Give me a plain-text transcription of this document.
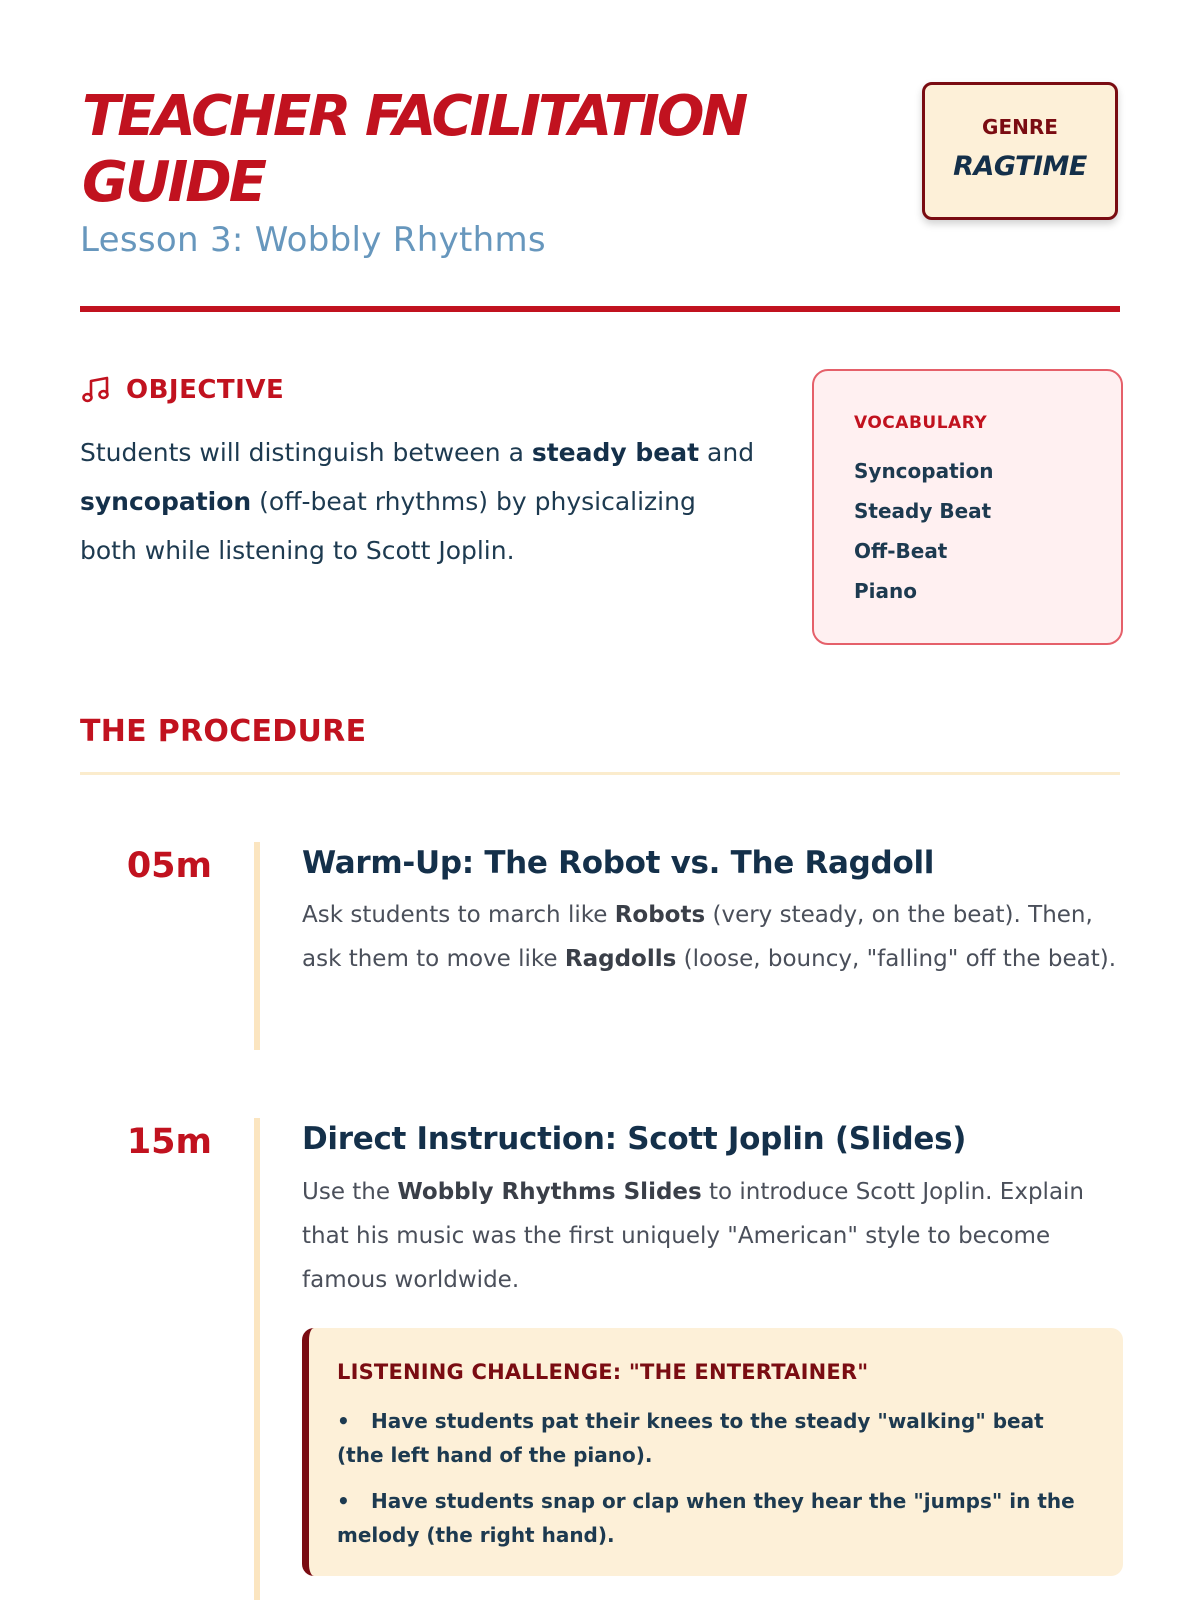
TEACHER FACILITATION GUIDE
Lesson 3: Wobbly Rhythms
GENRE
RAGTIME
OBJECTIVE

Students will distinguish between a steady beat and syncopation (off-beat rhythms) by physicalizing both while listening to Scott Joplin.

VOCABULARY
Syncopation
Steady Beat
Off-Beat
Piano
THE PROCEDURE
05m	Warm-Up: The Robot vs. The Ragdoll

Ask students to march like Robots (very steady, on the beat). Then, ask them to move like Ragdolls (loose, bouncy, "falling" off the beat).

15m	Direct Instruction: Scott Joplin (Slides)

Use the Wobbly Rhythms Slides to introduce Scott Joplin. Explain that his music was the first uniquely "American" style to become famous worldwide.

LISTENING CHALLENGE: "THE ENTERTAINER"
• Have students pat their knees to the steady "walking" beat (the left hand of the piano).
• Have students snap or clap when they hear the "jumps" in the melody (the right hand).
